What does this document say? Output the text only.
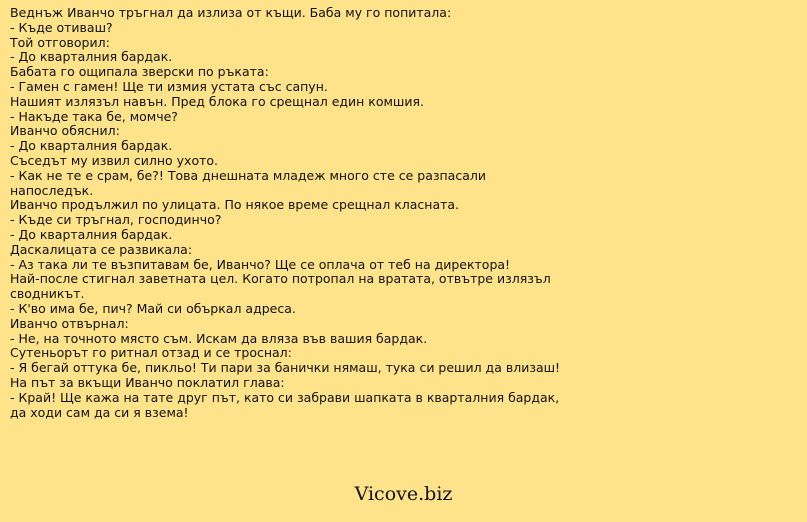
Веднъж Иванчо тръгнал да излиза от къщи. Баба му го попитала:
- Къде отиваш?
Той отговорил:
- До кварталния бардак.
Бабата го ощипала зверски по ръката:
- Гамен с гамен! Ще ти измия устата със сапун.
Нашият излязъл навън. Пред блока го срещнал един комшия.
- Накъде така бе, момче?
Иванчо обяснил:
- До кварталния бардак.
Съседът му извил силно ухото.
- Как не те е срам, бе?! Това днешната младеж много сте се разпасали напоследък.
Иванчо продължил по улицата. По някое време срещнал класната.
- Къде си тръгнал, господинчо?
- До кварталния бардак.
Даскалицата се развикала:
- Аз така ли те възпитавам бе, Иванчо? Ще се оплача от теб на директора!
Най-после стигнал заветната цел. Когато потропал на вратата, отвътре излязъл сводникът.
- К'во има бе, пич? Май си объркал адреса.
Иванчо отвърнал:
- Не, на точното място съм. Искам да вляза във вашия бардак.
Сутеньорът го ритнал отзад и се троснал:
- Я бегай оттука бе, пикльо! Ти пари за банички нямаш, тука си решил да влизаш!
На път за вкъщи Иванчо поклатил глава:
- Край! Ще кажа на тате друг път, като си забрави шапката в кварталния бардак, да ходи сам да си я взема!
Vicove.biz
